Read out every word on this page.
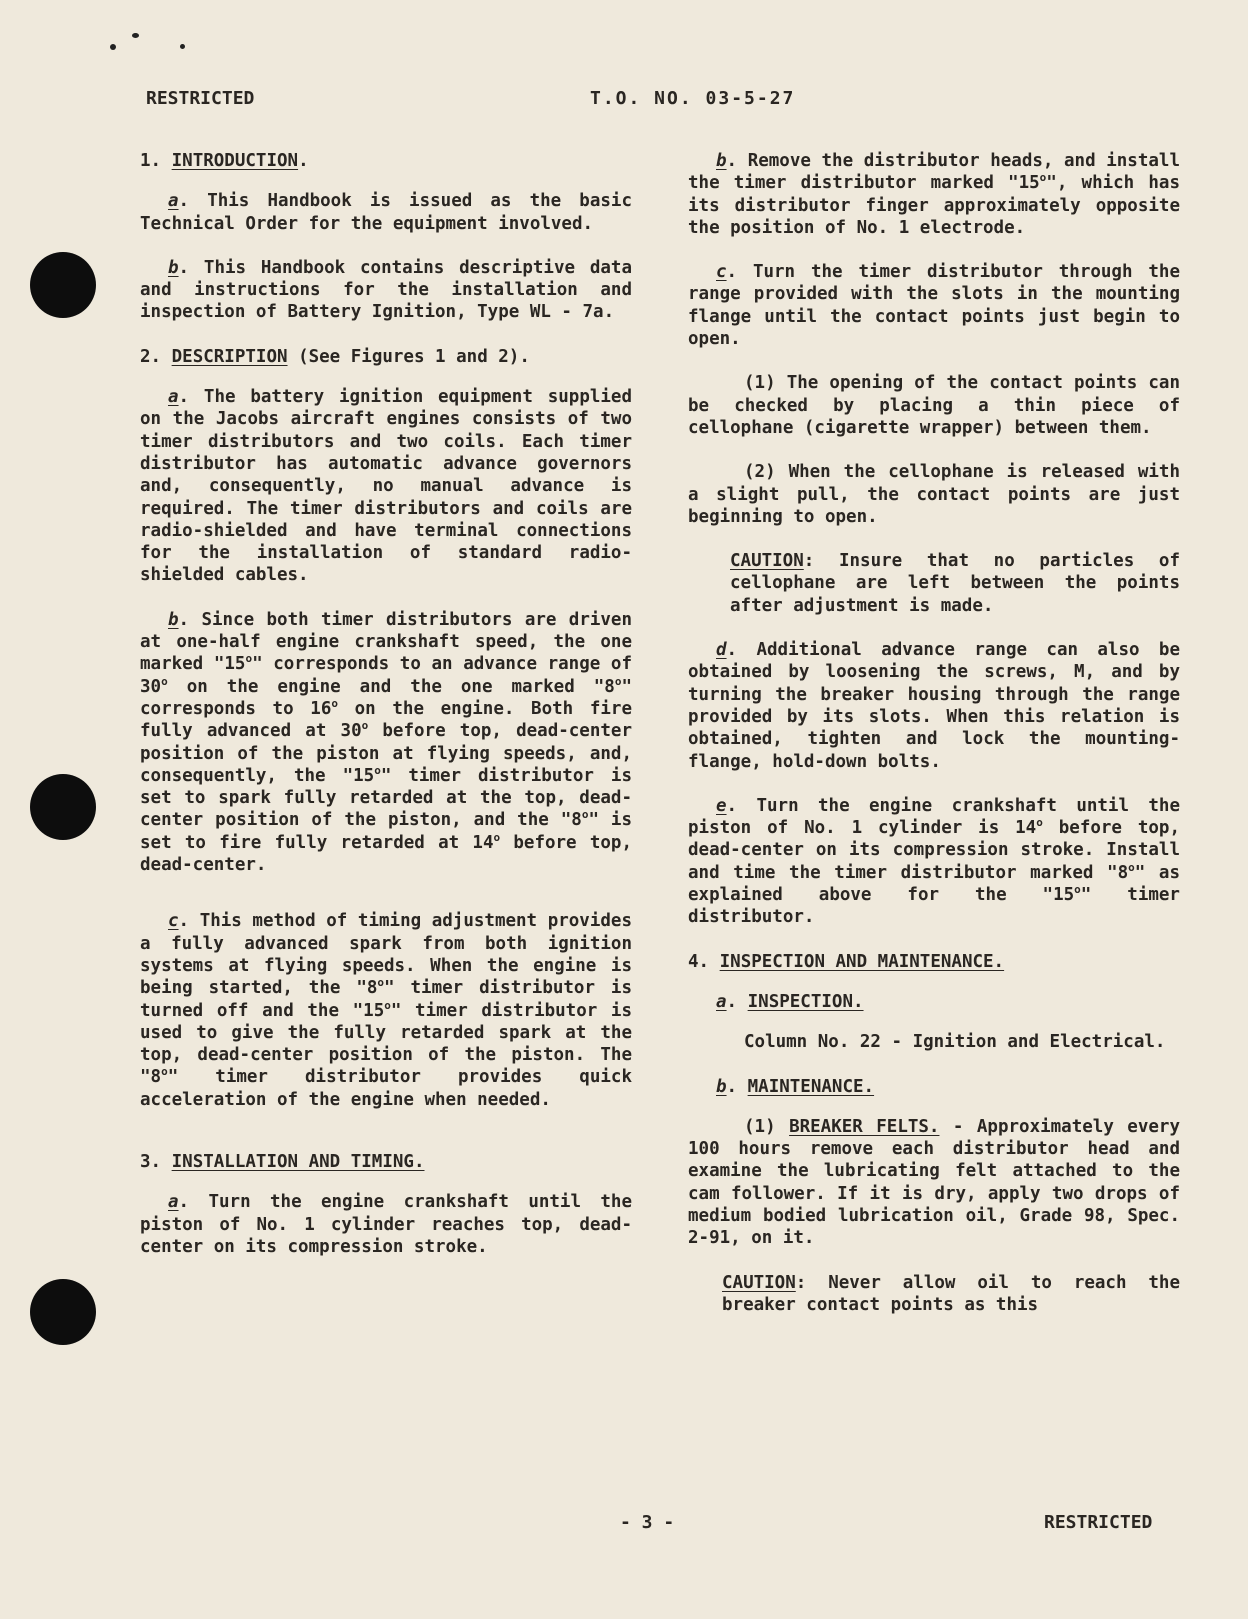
RESTRICTED	T.O. NO. 03-5-27

1. INTRODUCTION.

a. This Handbook is issued as the basic Technical Order for the equipment involved.

b. This Handbook contains descriptive data and instructions for the installation and inspection of Battery Ignition, Type WL - 7a.

2. DESCRIPTION (See Figures 1 and 2).

a. The battery ignition equipment supplied on the Jacobs aircraft engines consists of two timer distributors and two coils. Each timer distributor has automatic advance governors and, consequently, no manual advance is required. The timer distributors and coils are radio-shielded and have terminal connections for the installation of standard radio-shielded cables.

b. Since both timer distributors are driven at one-half engine crankshaft speed, the one marked "15$^o$" corresponds to an advance range of 30$^o$ on the engine and the one marked "8$^o$" corresponds to 16$^o$ on the engine. Both fire fully advanced at 30$^o$ before top, dead-center position of the piston at flying speeds, and, consequently, the "15$^o$" timer distributor is set to spark fully retarded at the top, dead-center position of the piston, and the "8$^o$" is set to fire fully retarded at 14$^o$ before top, dead-center.

c. This method of timing adjustment provides a fully advanced spark from both ignition systems at flying speeds. When the engine is being started, the "8$^o$" timer distributor is turned off and the "15$^o$" timer distributor is used to give the fully retarded spark at the top, dead-center position of the piston. The "8$^o$" timer distributor provides quick acceleration of the engine when needed.

3. INSTALLATION AND TIMING.

a. Turn the engine crankshaft until the piston of No. 1 cylinder reaches top, dead-center on its compression stroke.

b. Remove the distributor heads, and install the timer distributor marked "15$^o$", which has its distributor finger approximately opposite the position of No. 1 electrode.

c. Turn the timer distributor through the range provided with the slots in the mounting flange until the contact points just begin to open.

(1) The opening of the contact points can be checked by placing a thin piece of cellophane (cigarette wrapper) between them.

(2) When the cellophane is released with a slight pull, the contact points are just beginning to open.

CAUTION: Insure that no particles of cellophane are left between the points after adjustment is made.

d. Additional advance range can also be obtained by loosening the screws, M, and by turning the breaker housing through the range provided by its slots. When this relation is obtained, tighten and lock the mounting-flange, hold-down bolts.

e. Turn the engine crankshaft until the piston of No. 1 cylinder is 14$^o$ before top, dead-center on its compression stroke. Install and time the timer distributor marked "8$^o$" as explained above for the "15$^o$" timer distributor.

4. INSPECTION AND MAINTENANCE.

a. INSPECTION.

Column No. 22 - Ignition and Electrical.

b. MAINTENANCE.

(1) BREAKER FELTS. - Approximately every 100 hours remove each distributor head and examine the lubricating felt attached to the cam follower. If it is dry, apply two drops of medium bodied lubrication oil, Grade 98, Spec. 2-91, on it.

CAUTION: Never allow oil to reach the breaker contact points as this

- 3 -	RESTRICTED
